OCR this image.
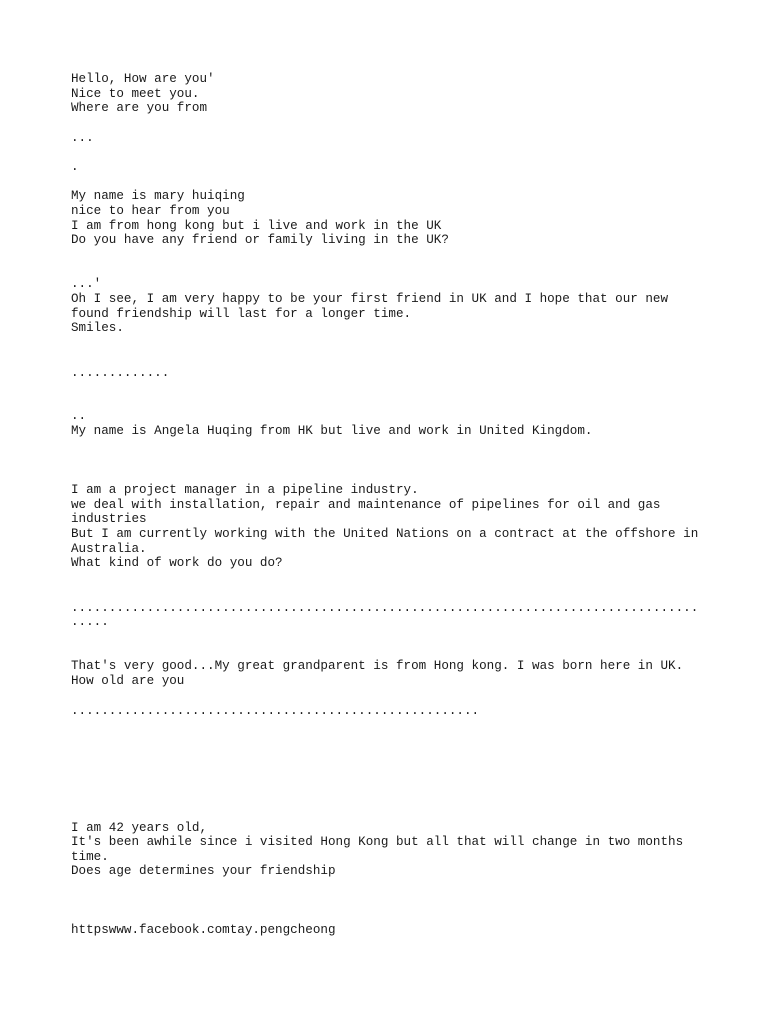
Hello, How are you'

Nice to meet you.

Where are you from

...

.

My name is mary huiqing

nice to hear from you

I am from hong kong but i live and work in the UK

Do you have any friend or family living in the UK?

...'

Oh I see, I am very happy to be your first friend in UK and I hope that our new

found friendship will last for a longer time.

Smiles.

.............

..

My name is Angela Huqing from HK but live and work in United Kingdom.

I am a project manager in a pipeline industry.

we deal with installation, repair and maintenance of pipelines for oil and gas

industries

But I am currently working with the United Nations on a contract at the offshore in

Australia.

What kind of work do you do?

...................................................................................

.....

That's very good...My great grandparent is from Hong kong. I was born here in UK.

How old are you

......................................................

I am 42 years old,

It's been awhile since i visited Hong Kong but all that will change in two months

time.

Does age determines your friendship

httpswww.facebook.comtay.pengcheong
